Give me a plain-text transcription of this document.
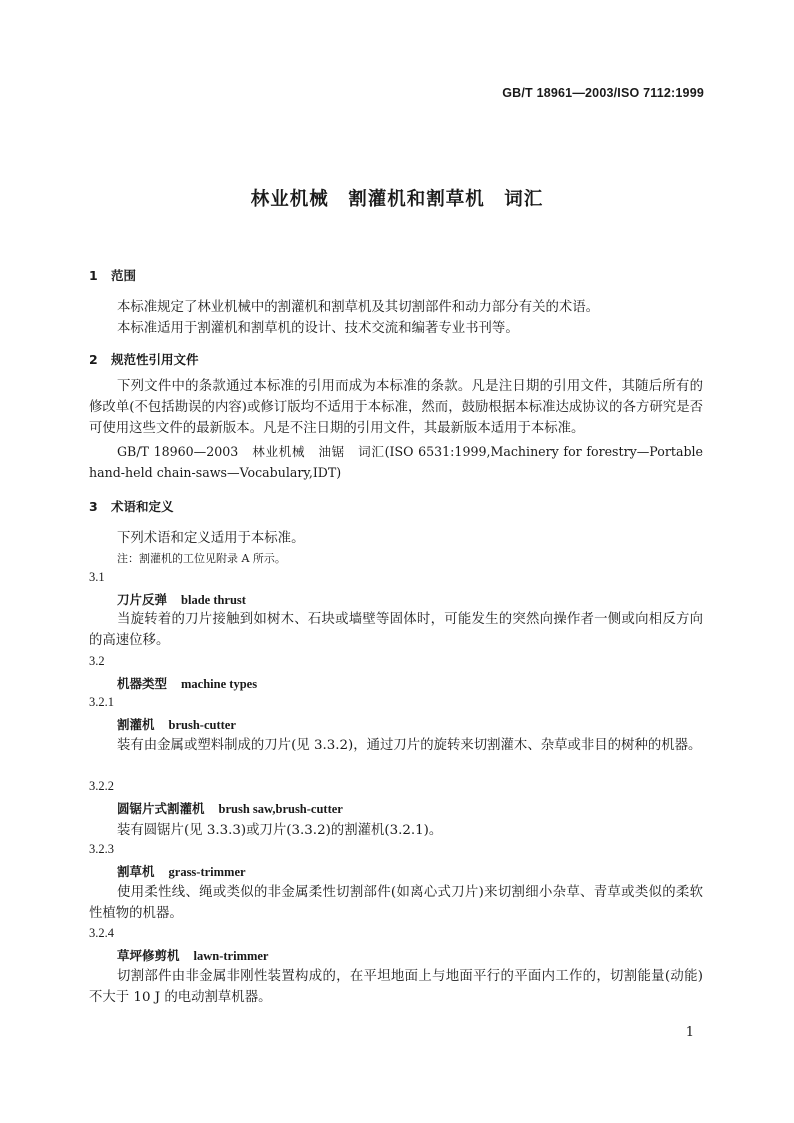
GB/T 18961—2003/ISO 7112:1999
林业机械　割灌机和割草机　词汇
1 范围
本标准规定了林业机械中的割灌机和割草机及其切割部件和动力部分有关的术语。
本标准适用于割灌机和割草机的设计、技术交流和编著专业书刊等。
2 规范性引用文件
下列文件中的条款通过本标准的引用而成为本标准的条款。凡是注日期的引用文件，其随后所有的修改单(不包括勘误的内容)或修订版均不适用于本标准，然而，鼓励根据本标准达成协议的各方研究是否可使用这些文件的最新版本。凡是不注日期的引用文件，其最新版本适用于本标准。
GB/T 18960—2003　林业机械　油锯　词汇(ISO 6531:1999,Machinery for forestry—Portable hand-held chain-saws—Vocabulary,IDT)
3 术语和定义
下列术语和定义适用于本标准。
注：割灌机的工位见附录 A 所示。
3.1
刀片反弹 blade thrust
当旋转着的刀片接触到如树木、石块或墙壁等固体时，可能发生的突然向操作者一侧或向相反方向的高速位移。
3.2
机器类型 machine types
3.2.1
割灌机 brush-cutter
装有由金属或塑料制成的刀片(见 3.3.2)，通过刀片的旋转来切割灌木、杂草或非目的树种的机器。
3.2.2
圆锯片式割灌机 brush saw,brush-cutter
装有圆锯片(见 3.3.3)或刀片(3.3.2)的割灌机(3.2.1)。
3.2.3
割草机 grass-trimmer
使用柔性线、绳或类似的非金属柔性切割部件(如离心式刀片)来切割细小杂草、青草或类似的柔软性植物的机器。
3.2.4
草坪修剪机 lawn-trimmer
切割部件由非金属非刚性装置构成的，在平坦地面上与地面平行的平面内工作的，切割能量(动能)不大于 10 J 的电动割草机器。
1
